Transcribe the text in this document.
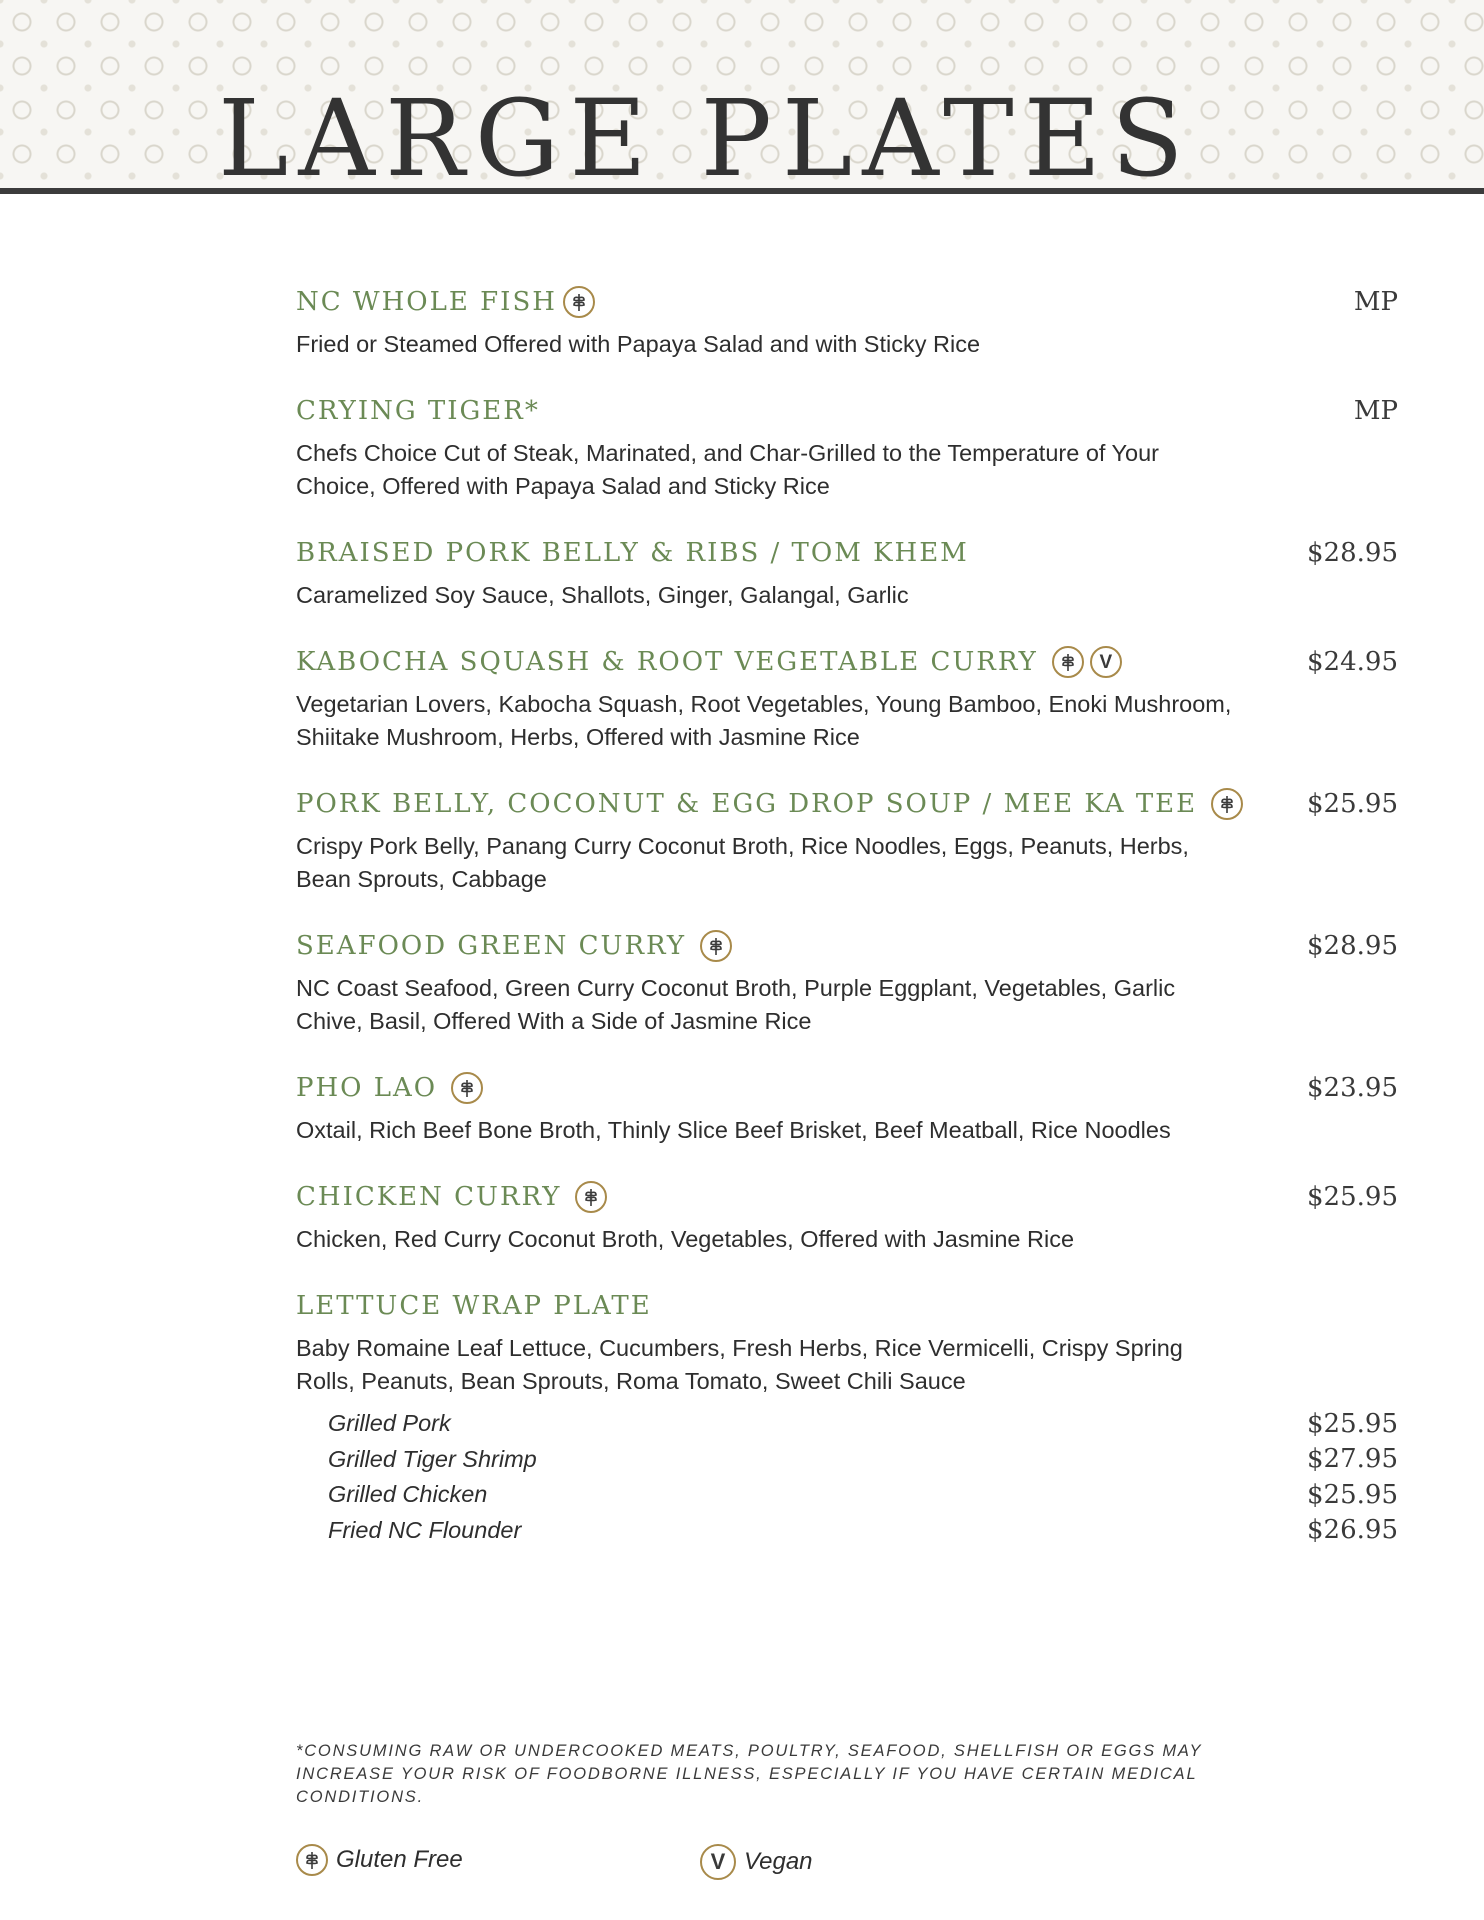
LARGE PLATES
NC WHOLE FISH	MP

Fried or Steamed Offered with Papaya Salad and with Sticky Rice

CRYING TIGER*	MP

Chefs Choice Cut of Steak, Marinated, and Char-Grilled to the Temperature of Your Choice, Offered with Papaya Salad and Sticky Rice

BRAISED PORK BELLY & RIBS / TOM KHEM	$28.95

Caramelized Soy Sauce, Shallots, Ginger, Galangal, Garlic

KABOCHA SQUASH & ROOT VEGETABLE CURRY	V	$24.95

Vegetarian Lovers, Kabocha Squash, Root Vegetables, Young Bamboo, Enoki Mushroom, Shiitake Mushroom, Herbs, Offered with Jasmine Rice

PORK BELLY, COCONUT & EGG DROP SOUP / MEE KA TEE	$25.95

Crispy Pork Belly, Panang Curry Coconut Broth, Rice Noodles, Eggs, Peanuts, Herbs, Bean Sprouts, Cabbage

SEAFOOD GREEN CURRY	$28.95

NC Coast Seafood, Green Curry Coconut Broth, Purple Eggplant, Vegetables, Garlic Chive, Basil, Offered With a Side of Jasmine Rice

PHO LAO	$23.95

Oxtail, Rich Beef Bone Broth, Thinly Slice Beef Brisket, Beef Meatball, Rice Noodles

CHICKEN CURRY	$25.95

Chicken, Red Curry Coconut Broth, Vegetables, Offered with Jasmine Rice

LETTUCE WRAP PLATE

Baby Romaine Leaf Lettuce, Cucumbers, Fresh Herbs, Rice Vermicelli, Crispy Spring Rolls, Peanuts, Bean Sprouts, Roma Tomato, Sweet Chili Sauce

Grilled Pork	$25.95
Grilled Tiger Shrimp	$27.95
Grilled Chicken	$25.95
Fried NC Flounder	$26.95

*CONSUMING RAW OR UNDERCOOKED MEATS, POULTRY, SEAFOOD, SHELLFISH OR EGGS MAY INCREASE YOUR RISK OF FOODBORNE ILLNESS, ESPECIALLY IF YOU HAVE CERTAIN MEDICAL CONDITIONS.

Gluten Free	V Vegan
